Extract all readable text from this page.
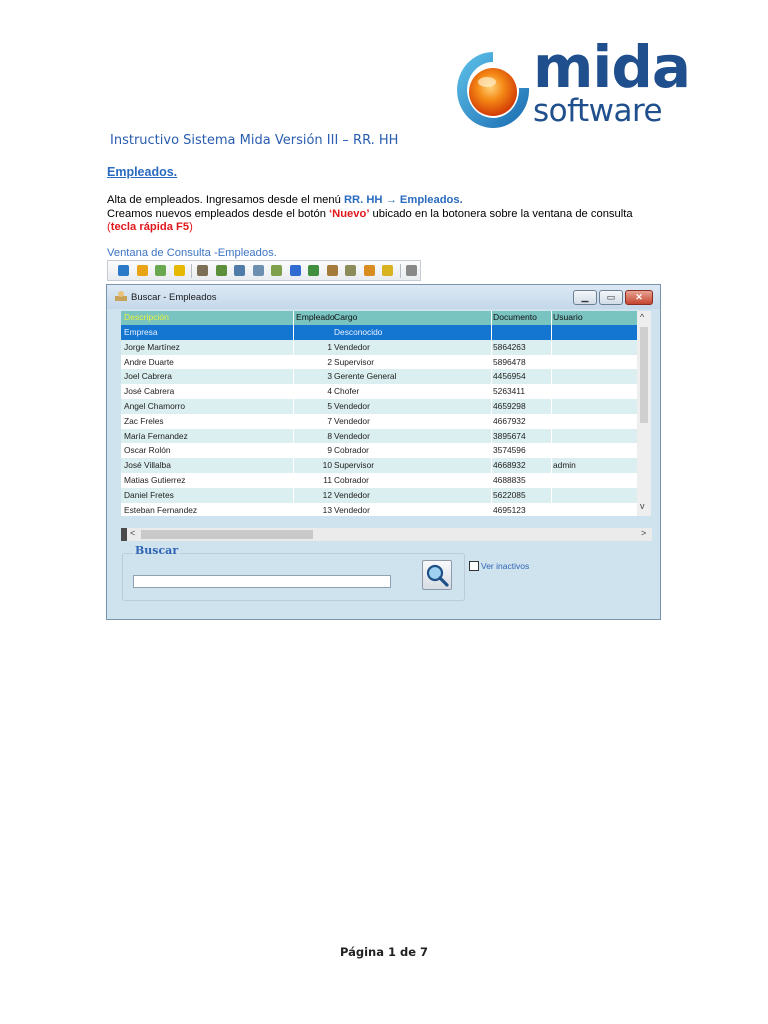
mida
software
Instructivo Sistema Mida Versión III – RR. HH
Empleados.
Alta de empleados. Ingresamos desde el menú RR. HH → Empleados.
Creamos nuevos empleados desde el botón ‘Nuevo’ ubicado en la botonera sobre la ventana de consulta
(tecla rápida F5)
Ventana de Consulta -Empleados.
Buscar - Empleados	▁	▭	✕
Descripción	Empleado Cargo	Documento Usuario
Empresa	Desconocido
Jorge Martínez	1 Vendedor	5864263
Andre Duarte	2 Supervisor	5896478
Joel Cabrera	3 Gerente General	4456954
José Cabrera	4 Chofer	5263411
Angel Chamorro	5 Vendedor	4659298
Zac Freles	7 Vendedor	4667932
María Fernandez	8 Vendedor	3895674
Oscar Rolón	9 Cobrador	3574596
José Villalba	10 Supervisor	4668932	admin
Matias Gutierrez	11 Cobrador	4688835
Daniel Fretes	12 Vendedor	5622085
Esteban Fernandez	13 Vendedor	4695123
^
v
<	>
Buscar
Ver inactivos
Página 1 de 7
